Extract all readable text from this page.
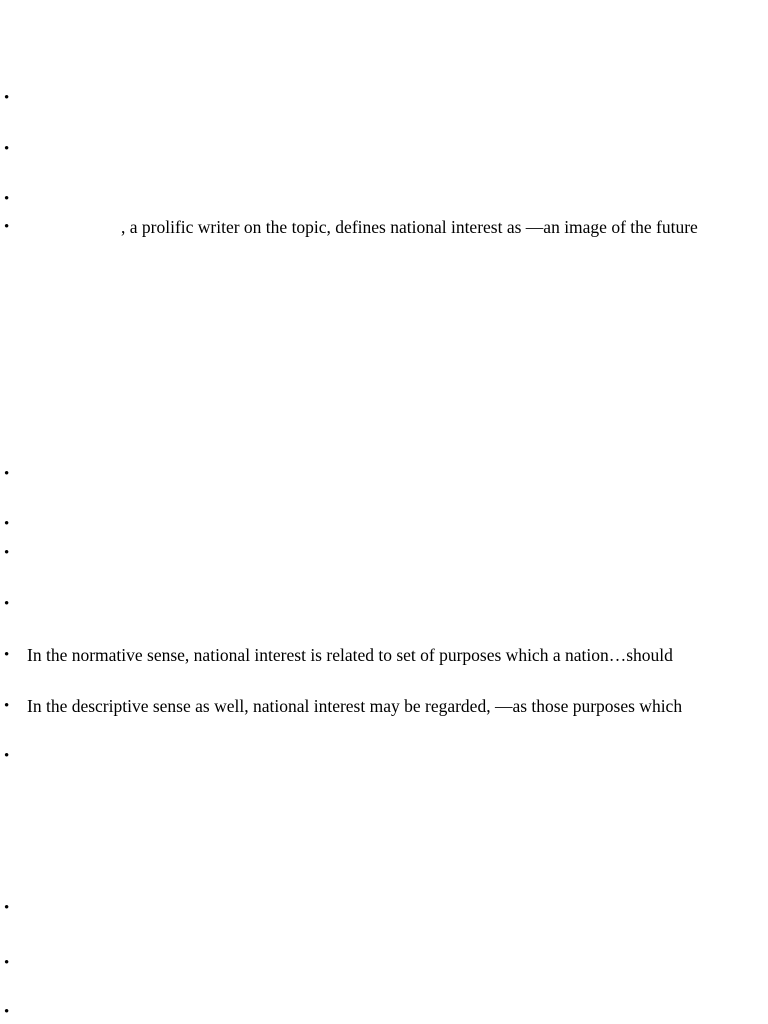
•
•
•
•	, a prolific writer on the topic, defines national interest as —an image of the future
•
•
•
•
• In the normative sense, national interest is related to set of purposes which a nation…should
• In the descriptive sense as well, national interest may be regarded, —as those purposes which
•
•
•
•
